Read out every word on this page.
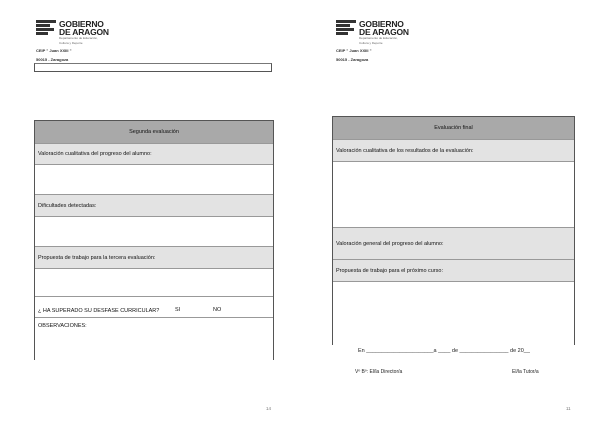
GOBIERNO
DE ARAGON
Departamento de Educación,
Cultura y Deporte
CEIP " Juan XXIII "
50015 - Zaragoza
Segunda evaluación
Valoración cualitativa del progreso del alumno:
Dificultades detectadas:
Propuesta de trabajo para la tercera evaluación:
¿ HA SUPERADO SU DESFASE CURRICULAR?	SI	NO
OBSERVACIONES:
14
GOBIERNO
DE ARAGON
Departamento de Educación,
Cultura y Deporte
CEIP " Juan XXIII "
50015 - Zaragoza
Evaluación final
Valoración cualitativa de los resultados de la evaluación:
Valoración general del progreso del alumno:
Propuesta de trabajo para el próximo curso:
En ______________________a ____ de ________________ de 20__
Vº Bº: El/la Director/a	El/la Tutor/a
11
